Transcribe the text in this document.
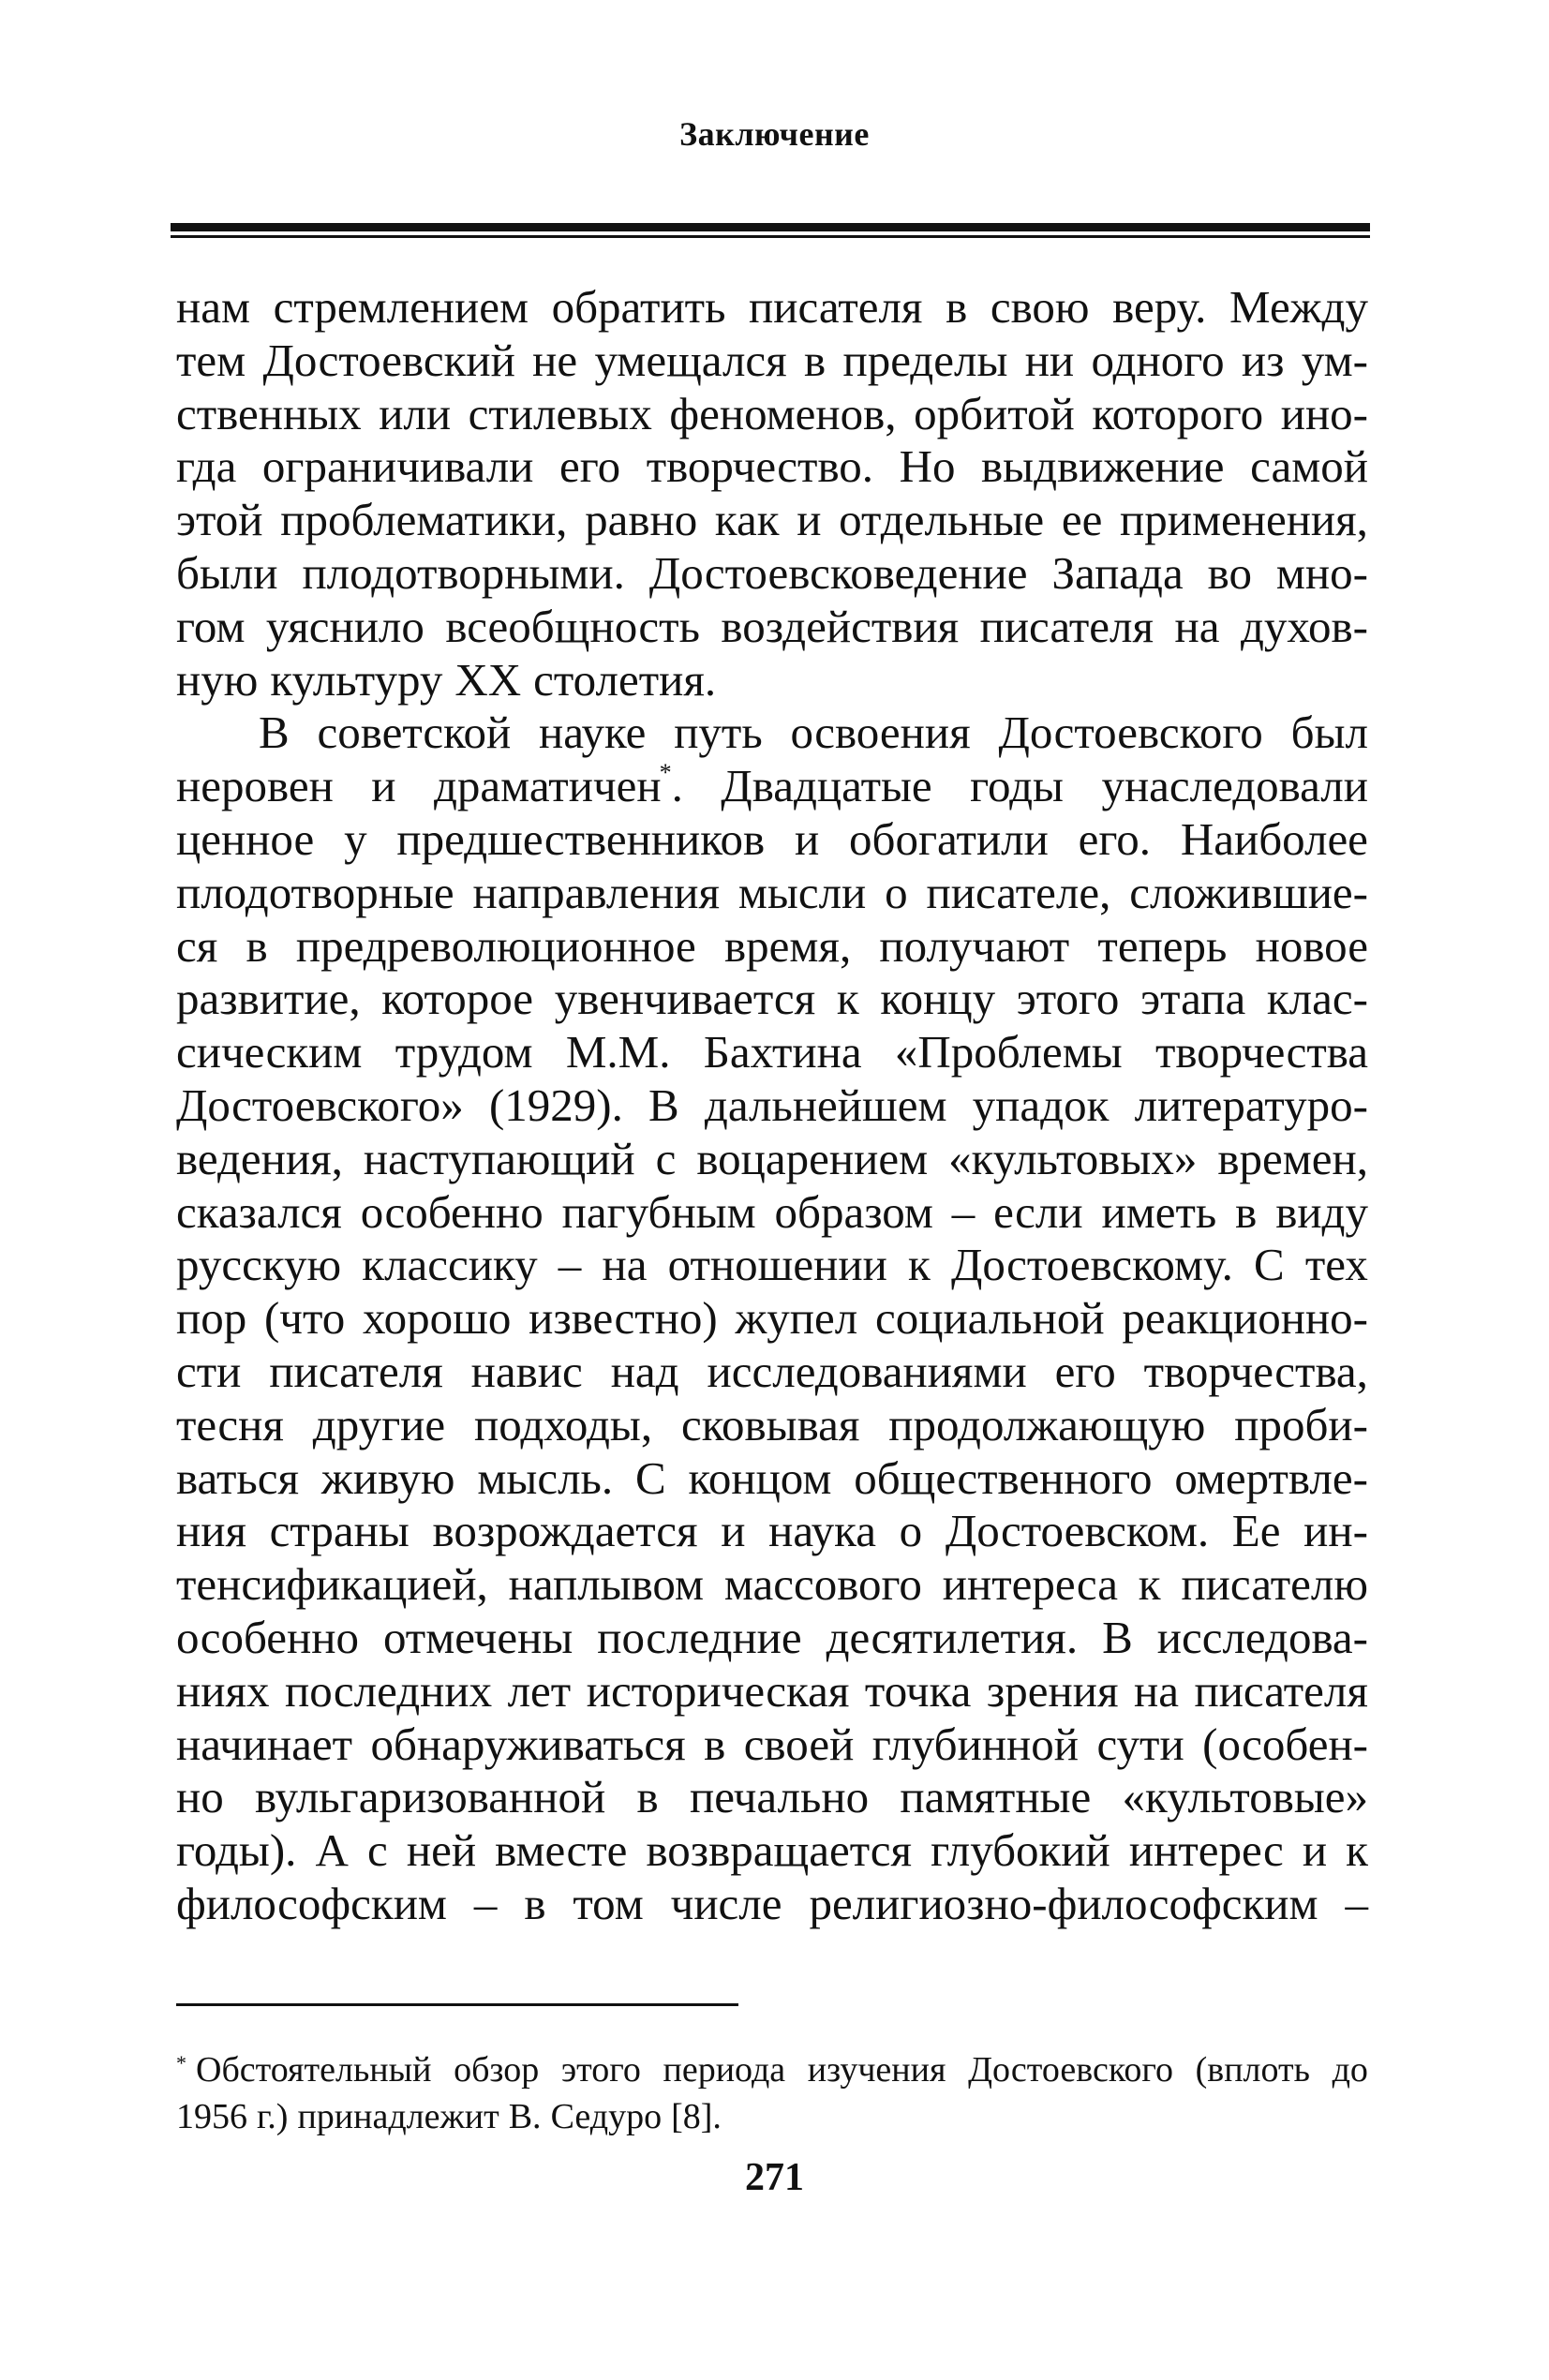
Заключение
нам стремлением обратить писателя в свою веру. Между
тем Достоевский не умещался в пределы ни одного из ум-
ственных или стилевых феноменов, орбитой которого ино-
гда ограничивали его творчество. Но выдвижение самой
этой проблематики, равно как и отдельные ее применения,
были плодотворными. Достоевсковедение Запада во мно-
гом уяснило всеобщность воздействия писателя на духов-
ную культуру XX столетия.
В советской науке путь освоения Достоевского был
неровен и драматичен*. Двадцатые годы унаследовали
ценное у предшественников и обогатили его. Наиболее
плодотворные направления мысли о писателе, сложившие-
ся в предреволюционное время, получают теперь новое
развитие, которое увенчивается к концу этого этапа клас-
сическим трудом М.М. Бахтина «Проблемы творчества
Достоевского» (1929). В дальнейшем упадок литературо-
ведения, наступающий с воцарением «культовых» времен,
сказался особенно пагубным образом – если иметь в виду
русскую классику – на отношении к Достоевскому. С тех
пор (что хорошо известно) жупел социальной реакционно-
сти писателя навис над исследованиями его творчества,
тесня другие подходы, сковывая продолжающую проби-
ваться живую мысль. С концом общественного омертвле-
ния страны возрождается и наука о Достоевском. Ее ин-
тенсификацией, наплывом массового интереса к писателю
особенно отмечены последние десятилетия. В исследова-
ниях последних лет историческая точка зрения на писателя
начинает обнаруживаться в своей глубинной сути (особен-
но вульгаризованной в печально памятные «культовые»
годы). А с ней вместе возвращается глубокий интерес и к
философским – в том числе религиозно-философским –
* Обстоятельный обзор этого периода изучения Достоевского (вплоть до
1956 г.) принадлежит В. Седуро [8].
271
